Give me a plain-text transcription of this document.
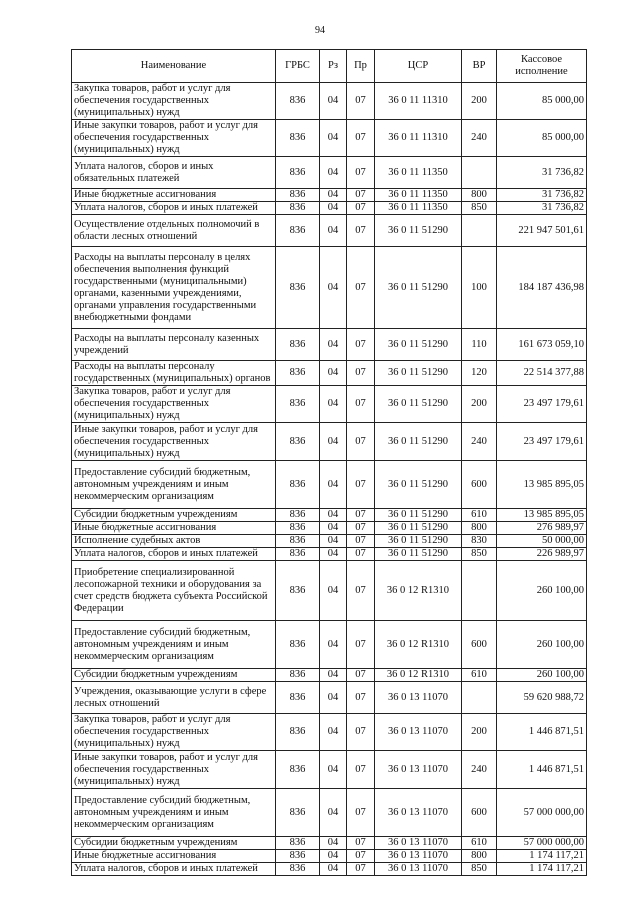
94
Наименование	ГРБС	Рз	Пр	ЦСР	ВР	Кассовое исполнение
Закупка товаров, работ и услуг для обеспечения государственных (муниципальных) нужд	836	04	07	36 0 11 11310	200	85 000,00
Иные закупки товаров, работ и услуг для обеспечения государственных (муниципальных) нужд	836	04	07	36 0 11 11310	240	85 000,00
Уплата налогов, сборов и иных обязательных платежей	836	04	07	36 0 11 11350		31 736,82
Иные бюджетные ассигнования	836	04	07	36 0 11 11350	800	31 736,82
Уплата налогов, сборов и иных платежей	836	04	07	36 0 11 11350	850	31 736,82
Осуществление отдельных полномочий в области лесных отношений	836	04	07	36 0 11 51290		221 947 501,61
Расходы на выплаты персоналу в целях обеспечения выполнения функций государственными (муниципальными) органами, казенными учреждениями, органами управления государственными внебюджетными фондами	836	04	07	36 0 11 51290	100	184 187 436,98
Расходы на выплаты персоналу казенных учреждений	836	04	07	36 0 11 51290	110	161 673 059,10
Расходы на выплаты персоналу государственных (муниципальных) органов	836	04	07	36 0 11 51290	120	22 514 377,88
Закупка товаров, работ и услуг для обеспечения государственных (муниципальных) нужд	836	04	07	36 0 11 51290	200	23 497 179,61
Иные закупки товаров, работ и услуг для обеспечения государственных (муниципальных) нужд	836	04	07	36 0 11 51290	240	23 497 179,61
Предоставление субсидий бюджетным, автономным учреждениям и иным некоммерческим организациям	836	04	07	36 0 11 51290	600	13 985 895,05
Субсидии бюджетным учреждениям	836	04	07	36 0 11 51290	610	13 985 895,05
Иные бюджетные ассигнования	836	04	07	36 0 11 51290	800	276 989,97
Исполнение судебных актов	836	04	07	36 0 11 51290	830	50 000,00
Уплата налогов, сборов и иных платежей	836	04	07	36 0 11 51290	850	226 989,97
Приобретение специализированной лесопожарной техники и оборудования за счет средств бюджета субъекта Российской Федерации	836	04	07	36 0 12 R1310		260 100,00
Предоставление субсидий бюджетным, автономным учреждениям и иным некоммерческим организациям	836	04	07	36 0 12 R1310	600	260 100,00
Субсидии бюджетным учреждениям	836	04	07	36 0 12 R1310	610	260 100,00
Учреждения, оказывающие услуги в сфере лесных отношений	836	04	07	36 0 13 11070		59 620 988,72
Закупка товаров, работ и услуг для обеспечения государственных (муниципальных) нужд	836	04	07	36 0 13 11070	200	1 446 871,51
Иные закупки товаров, работ и услуг для обеспечения государственных (муниципальных) нужд	836	04	07	36 0 13 11070	240	1 446 871,51
Предоставление субсидий бюджетным, автономным учреждениям и иным некоммерческим организациям	836	04	07	36 0 13 11070	600	57 000 000,00
Субсидии бюджетным учреждениям	836	04	07	36 0 13 11070	610	57 000 000,00
Иные бюджетные ассигнования	836	04	07	36 0 13 11070	800	1 174 117,21
Уплата налогов, сборов и иных платежей	836	04	07	36 0 13 11070	850	1 174 117,21
